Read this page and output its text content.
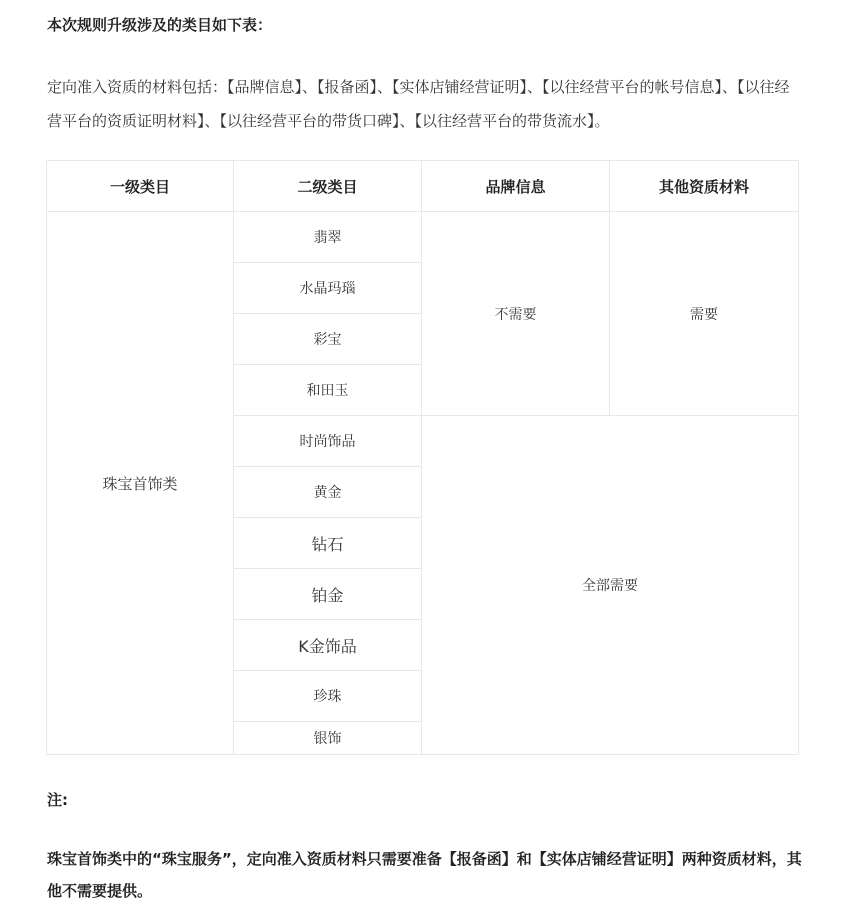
本次规则升级涉及的类目如下表：
定向准入资质的材料包括：【品牌信息】、【报备函】、【实体店铺经营证明】、【以往经营平台的帐号信息】、【以往经营平台的资质证明材料】、【以往经营平台的带货口碑】、【以往经营平台的带货流水】。
一级类目	二级类目	品牌信息	其他资质材料
珠宝首饰类	翡翠	不需要	需要
	水晶玛瑙		
	彩宝		
	和田玉		
	时尚饰品	全部需要	
	黄金		
	钻石		
	铂金		
	K金饰品		
	珍珠		
	银饰		
注:
珠宝首饰类中的“珠宝服务”，定向准入资质材料只需要准备【报备函】和【实体店铺经营证明】两种资质材料，其他不需要提供。
